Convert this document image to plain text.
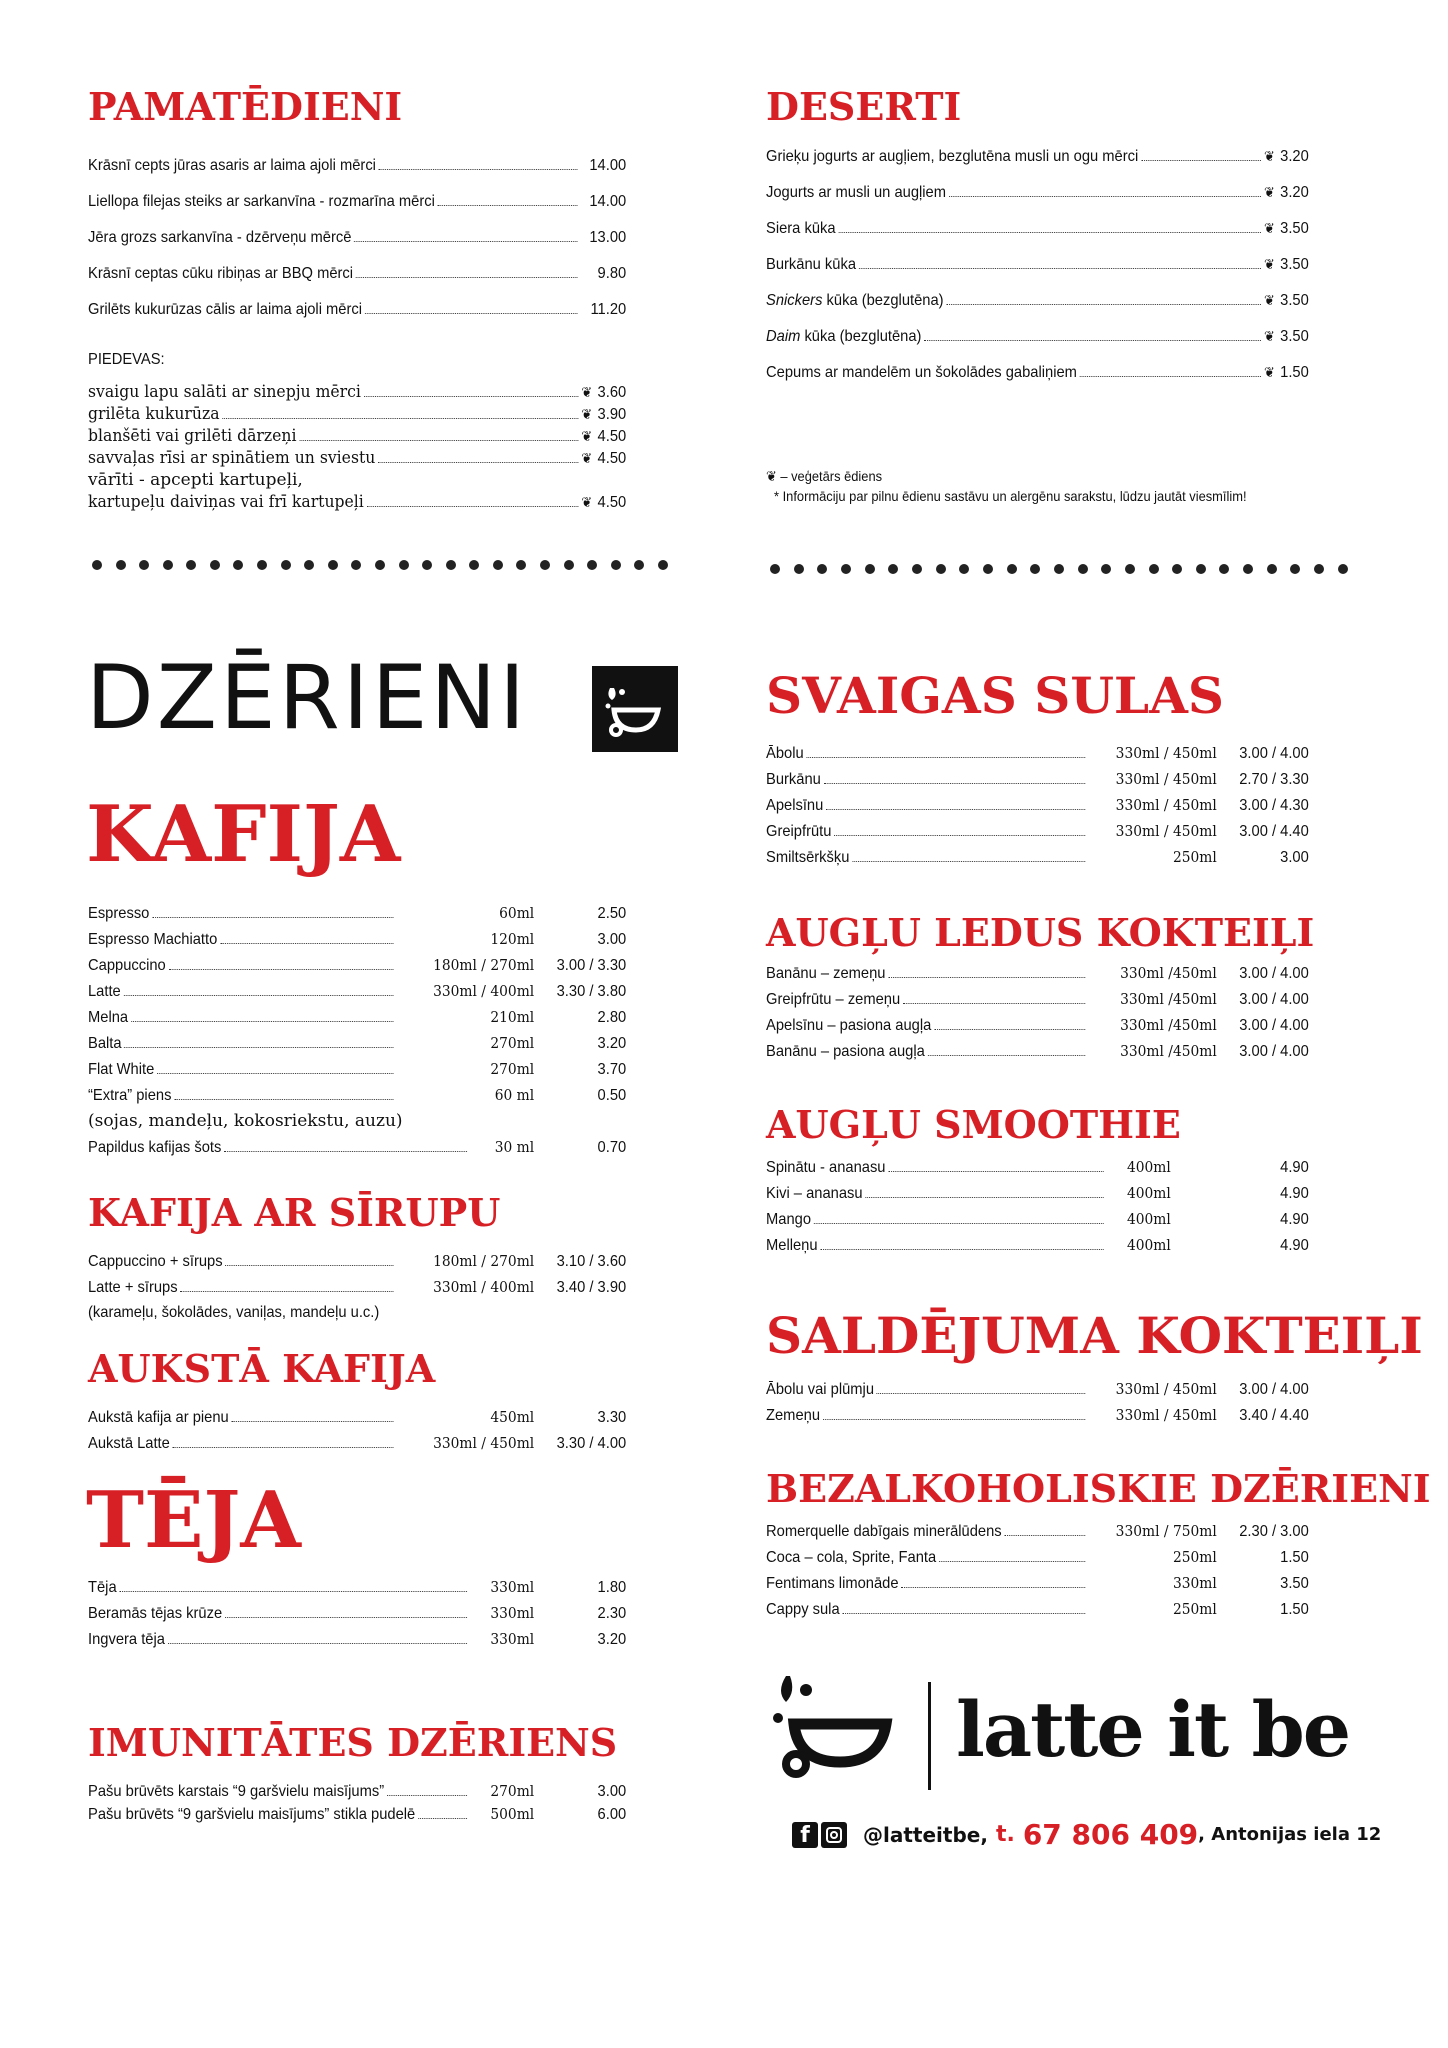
PAMATĒDIENI
Krāsnī cepts jūras asaris ar laima ajoli mērci	14.00
Liellopa filejas steiks ar sarkanvīna - rozmarīna mērci	14.00
Jēra grozs sarkanvīna - dzērveņu mērcē	13.00
Krāsnī ceptas cūku ribiņas ar BBQ mērci	9.80
Grilēts kukurūzas cālis ar laima ajoli mērci	11.20
PIEDEVAS:
svaigu lapu salāti ar sinepju mērci	❦ 3.60
grilēta kukurūza	❦ 3.90
blanšēti vai grilēti dārzeņi	❦ 4.50
savvaļas rīsi ar spinātiem un sviestu	❦ 4.50
vārīti - apcepti kartupeļi,
kartupeļu daiviņas vai frī kartupeļi	❦ 4.50
DESERTI
Grieķu jogurts ar augļiem, bezglutēna musli un ogu mērci	❦ 3.20
Jogurts ar musli un augļiem	❦ 3.20
Siera kūka	❦ 3.50
Burkānu kūka	❦ 3.50
Snickers kūka (bezglutēna)	❦ 3.50
Daim kūka (bezglutēna)	❦ 3.50
Cepums ar mandelēm un šokolādes gabaliņiem	❦ 1.50
❦ – veģetārs ēdiens
* Informāciju par pilnu ēdienu sastāvu un alergēnu sarakstu, lūdzu jautāt viesmīlim!
DZĒRIENI
KAFIJA
Espresso	60ml	2.50
Espresso Machiatto	120ml	3.00
Cappuccino	180ml / 270ml	3.00 / 3.30
Latte	330ml / 400ml	3.30 / 3.80
Melna	210ml	2.80
Balta	270ml	3.20
Flat White	270ml	3.70
“Extra” piens	60 ml	0.50
(sojas, mandeļu, kokosriekstu, auzu)
Papildus kafijas šots	30 ml	0.70
KAFIJA AR SĪRUPU
Cappuccino + sīrups	180ml / 270ml	3.10 / 3.60
Latte + sīrups	330ml / 400ml	3.40 / 3.90
(karameļu, šokolādes, vaniļas, mandeļu u.c.)
AUKSTĀ KAFIJA
Aukstā kafija ar pienu	450ml	3.30
Aukstā Latte	330ml / 450ml	3.30 / 4.00
TĒJA
Tēja	330ml	1.80
Beramās tējas krūze	330ml	2.30
Ingvera tēja	330ml	3.20
IMUNITĀTES DZĒRIENS
Pašu brūvēts karstais “9 garšvielu maisījums”	270ml	3.00
Pašu brūvēts “9 garšvielu maisījums” stikla pudelē	500ml	6.00
SVAIGAS SULAS
Ābolu	330ml / 450ml	3.00 / 4.00
Burkānu	330ml / 450ml	2.70 / 3.30
Apelsīnu	330ml / 450ml	3.00 / 4.30
Greipfrūtu	330ml / 450ml	3.00 / 4.40
Smiltsērkšķu	250ml	3.00
AUGĻU LEDUS KOKTEIĻI
Banānu – zemeņu	330ml /450ml	3.00 / 4.00
Greipfrūtu – zemeņu	330ml /450ml	3.00 / 4.00
Apelsīnu – pasiona augļa	330ml /450ml	3.00 / 4.00
Banānu – pasiona augļa	330ml /450ml	3.00 / 4.00
AUGĻU SMOOTHIE
Spinātu - ananasu	400ml	4.90
Kivi – ananasu	400ml	4.90
Mango	400ml	4.90
Melleņu	400ml	4.90
SALDĒJUMA KOKTEIĻI
Ābolu vai plūmju	330ml / 450ml	3.00 / 4.00
Zemeņu	330ml / 450ml	3.40 / 4.40
BEZALKOHOLISKIE DZĒRIENI
Romerquelle dabīgais minerālūdens	330ml / 750ml	2.30 / 3.00
Coca – cola, Sprite, Fanta	250ml	1.50
Fentimans limonāde	330ml	3.50
Cappy sula	250ml	1.50
latte it be
f	@latteitbe, t. 67 806 409 , Antonijas iela 12
